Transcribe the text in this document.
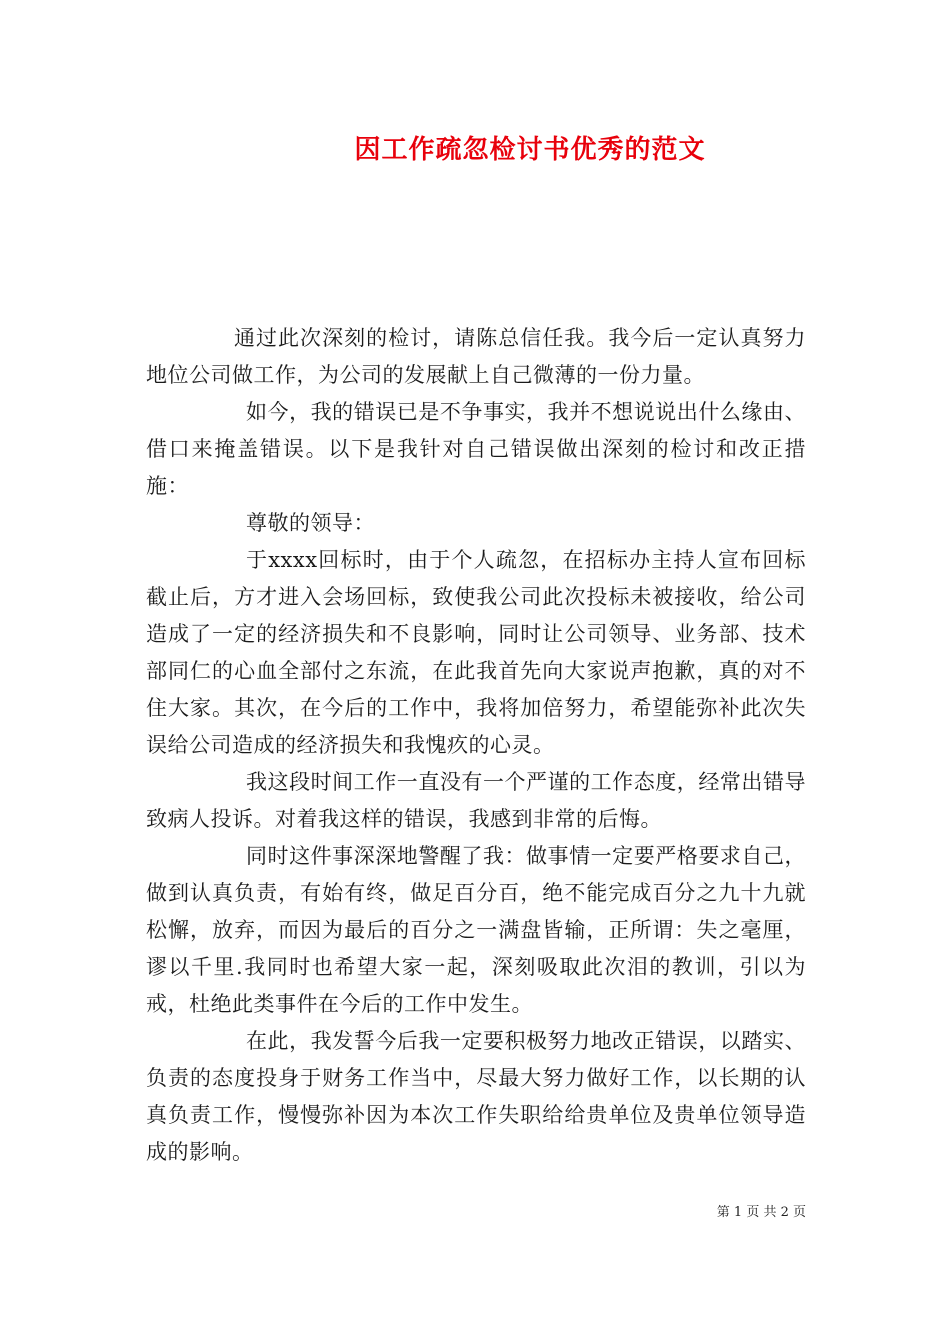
因工作疏忽检讨书优秀的范文

通过此次深刻的检讨，请陈总信任我。我今后一定认真努力地位公司做工作，为公司的发展献上自己微薄的一份力量。

如今，我的错误已是不争事实，我并不想说说出什么缘由、借口来掩盖错误。以下是我针对自己错误做出深刻的检讨和改正措施：

尊敬的领导：

于xxxx回标时，由于个人疏忽，在招标办主持人宣布回标截止后，方才进入会场回标，致使我公司此次投标未被接收，给公司造成了一定的经济损失和不良影响，同时让公司领导、业务部、技术部同仁的心血全部付之东流，在此我首先向大家说声抱歉，真的对不住大家。其次，在今后的工作中，我将加倍努力，希望能弥补此次失误给公司造成的经济损失和我愧疚的心灵。

我这段时间工作一直没有一个严谨的工作态度，经常出错导致病人投诉。对着我这样的错误，我感到非常的后悔。

同时这件事深深地警醒了我：做事情一定要严格要求自己，做到认真负责，有始有终，做足百分百，绝不能完成百分之九十九就松懈，放弃，而因为最后的百分之一满盘皆输，正所谓：失之毫厘，谬以千里.我同时也希望大家一起，深刻吸取此次泪的教训，引以为戒，杜绝此类事件在今后的工作中发生。

在此，我发誓今后我一定要积极努力地改正错误，以踏实、负责的态度投身于财务工作当中，尽最大努力做好工作，以长期的认真负责工作，慢慢弥补因为本次工作失职给给贵单位及贵单位领导造成的影响。

第 1 页 共 2 页
